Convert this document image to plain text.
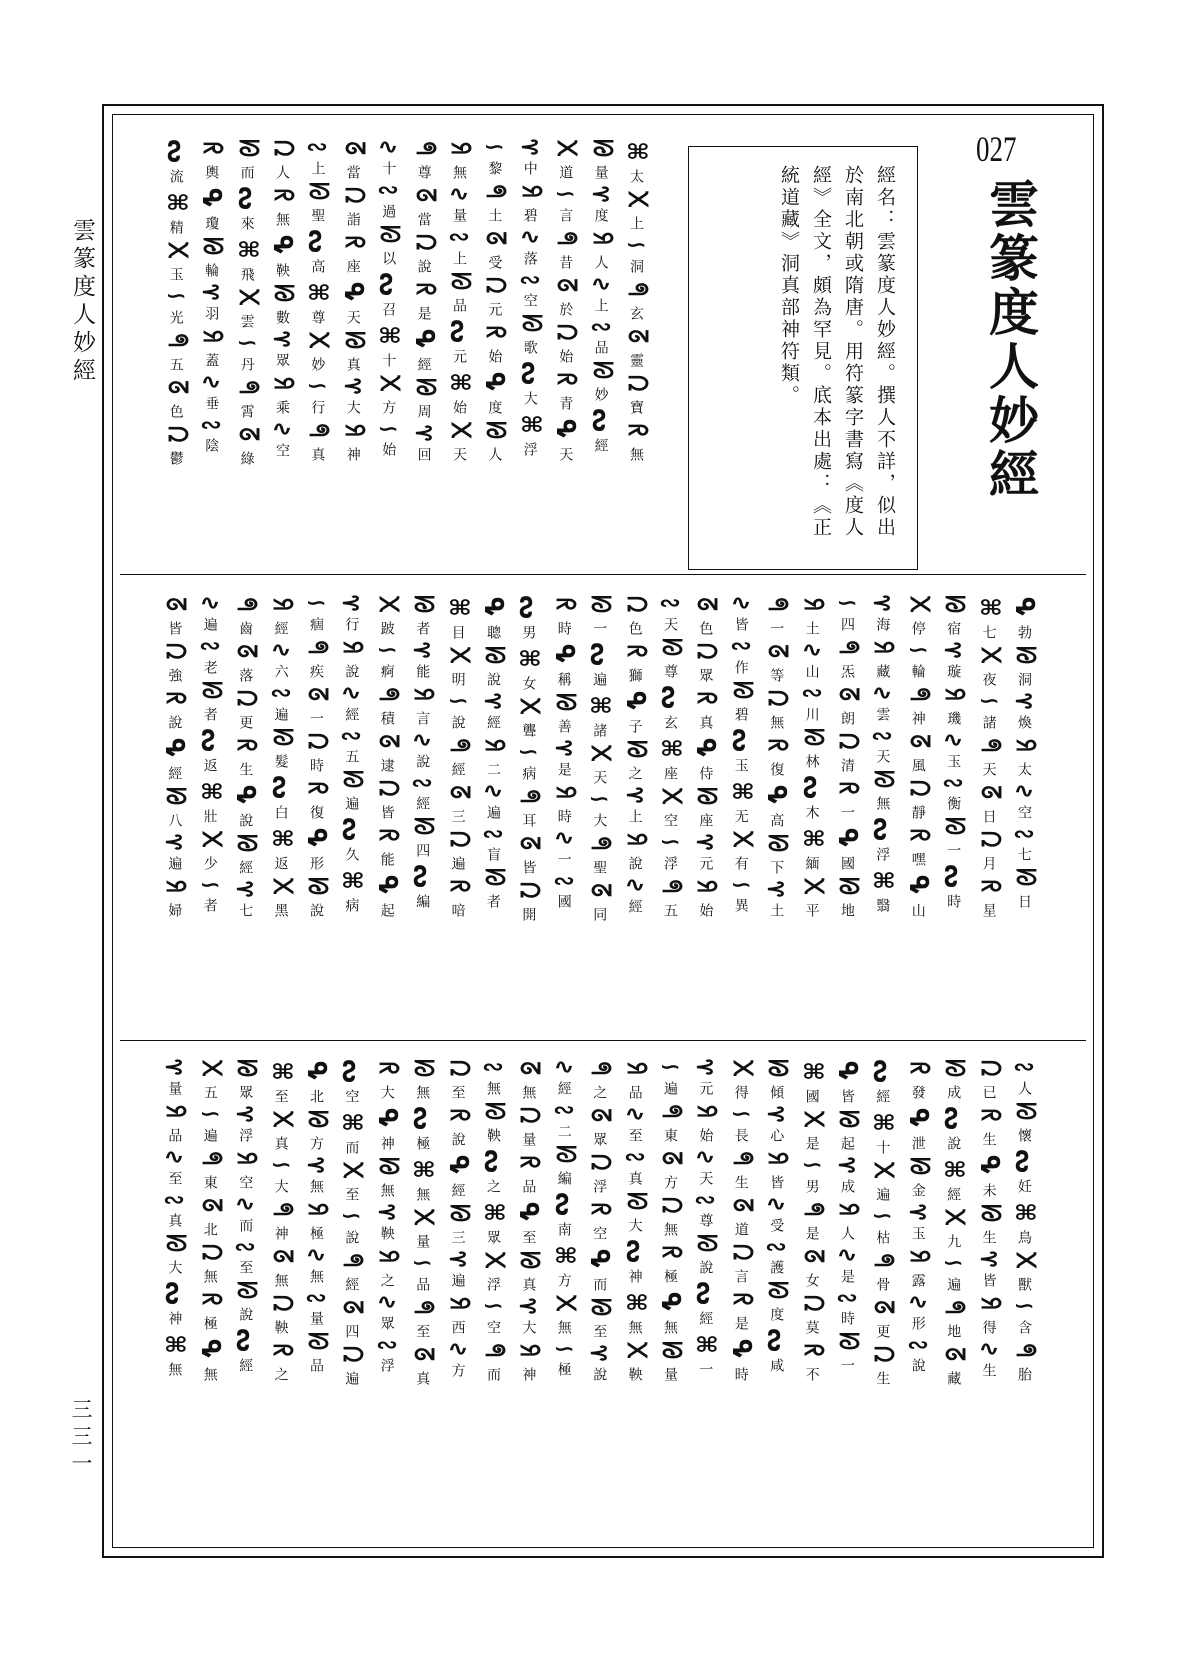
雲篆度人妙經
三三一
027
雲篆度人妙經
經名：雲篆度人妙經。撰人不詳，似出於南北朝或隋唐。用符篆字書寫《度人經》全文，頗為罕見。底本出處：《正統道藏》洞真部神符類。
⌘太᙭上∽洞ᖗ玄ᘔ靈ᘣ寶ᖇ無
ᘙ量⊱度ᖆ人∿上∾品ᘗ妙ᔓ經
᙭道∽言ᖗ昔ᘔ於ᘣ始ᖇ青ᕴ天
⊱中ᖆ碧∿落∾空ᘗ歌ᔓ大⌘浮
∽黎ᖗ土ᘔ受ᘣ元ᖇ始ᕴ度ᘙ人
ᖆ無∿量∾上ᘗ品ᔓ元⌘始᙭天
ᖗ尊ᘔ當ᘣ說ᖇ是ᕴ經ᘙ周⊱回
∿十∾過ᘗ以ᔓ召⌘十᙭方∽始
ᘔ當ᘣ詣ᖇ座ᕴ天ᘙ真⊱大ᖆ神
∾上ᘗ聖ᔓ高⌘尊᙭妙∽行ᖗ真
ᘣ人ᖇ無ᕴ鞅ᘙ數⊱眾ᖆ乘∿空
ᘗ而ᔓ來⌘飛᙭雲∽丹ᖗ霄ᘔ綠
ᖇ輿ᕴ瓊ᘙ輪⊱羽ᖆ蓋∿垂∾陰
ᔓ流⌘精᙭玉∽光ᖗ五ᘔ色ᘣ鬱
ᕴ勃ᘙ洞⊱煥ᖆ太∿空∾七ᘗ日
⌘七᙭夜∽諸ᖗ天ᘔ日ᘣ月ᖇ星
ᘙ宿⊱璇ᖆ璣∿玉∾衡ᘗ一ᔓ時
᙭停∽輪ᖗ神ᘔ風ᘣ靜ᖇ嘿ᕴ山
⊱海ᖆ藏∿雲∾天ᘗ無ᔓ浮⌘翳
∽四ᖗ炁ᘔ朗ᘣ清ᖇ一ᕴ國ᘙ地
ᖆ土∿山∾川ᘗ林ᔓ木⌘緬᙭平
ᖗ一ᘔ等ᘣ無ᖇ復ᕴ高ᘙ下⊱土
∿皆∾作ᘗ碧ᔓ玉⌘无᙭有∽異
ᘔ色ᘣ眾ᖇ真ᕴ侍ᘙ座⊱元ᖆ始
∾天ᘗ尊ᔓ玄⌘座᙭空∽浮ᖗ五
ᘣ色ᖇ獅ᕴ子ᘙ之⊱上ᖆ說∿經
ᘗ一ᔓ遍⌘諸᙭天∽大ᖗ聖ᘔ同
ᖇ時ᕴ稱ᘙ善⊱是ᖆ時∿一∾國
ᔓ男⌘女᙭聾∽病ᖗ耳ᘔ皆ᘣ開
ᕴ聰ᘙ說⊱經ᖆ二∿遍∾盲ᘗ者
⌘目᙭明∽說ᖗ經ᘔ三ᘣ遍ᖇ喑
ᘙ者⊱能ᖆ言∿說∾經ᘗ四ᔓ編
᙭跛∽痾ᖗ積ᘔ逮ᘣ皆ᖇ能ᕴ起
⊱行ᖆ說∿經∾五ᘗ遍ᔓ久⌘病
∽痼ᖗ疾ᘔ一ᘣ時ᖇ復ᕴ形ᘙ說
ᖆ經∿六∾遍ᘗ髮ᔓ白⌘返᙭黑
ᖗ齒ᘔ落ᘣ更ᖇ生ᕴ說ᘙ經⊱七
∿遍∾老ᘗ者ᔓ返⌘壯᙭少∽者
ᘔ皆ᘣ強ᖇ說ᕴ經ᘙ八⊱遍ᖆ婦
∾人ᘗ懷ᔓ妊⌘鳥᙭獸∽含ᖗ胎
ᘣ已ᖇ生ᕴ未ᘙ生⊱皆ᖆ得∿生
ᘗ成ᔓ說⌘經᙭九∽遍ᖗ地ᘔ藏
ᖇ發ᕴ泄ᘙ金⊱玉ᖆ露∿形∾說
ᔓ經⌘十᙭遍∽枯ᖗ骨ᘔ更ᘣ生
ᕴ皆ᘙ起⊱成ᖆ人∿是∾時ᘗ一
⌘國᙭是∽男ᖗ是ᘔ女ᘣ莫ᖇ不
ᘙ傾⊱心ᖆ皆∿受∾護ᘗ度ᔓ咸
᙭得∽長ᖗ生ᘔ道ᘣ言ᖇ是ᕴ時
⊱元ᖆ始∿天∾尊ᘗ說ᔓ經⌘一
∽遍ᖗ東ᘔ方ᘣ無ᖇ極ᕴ無ᘙ量
ᖆ品∿至∾真ᘗ大ᔓ神⌘無᙭鞅
ᖗ之ᘔ眾ᘣ浮ᖇ空ᕴ而ᘙ至⊱說
∿經∾二ᘗ編ᔓ南⌘方᙭無∽極
ᘔ無ᘣ量ᖇ品ᕴ至ᘙ真⊱大ᖆ神
∾無ᘗ鞅ᔓ之⌘眾᙭浮∽空ᖗ而
ᘣ至ᖇ說ᕴ經ᘙ三⊱遍ᖆ西∿方
ᘗ無ᔓ極⌘無᙭量∽品ᖗ至ᘔ真
ᖇ大ᕴ神ᘙ無⊱鞅ᖆ之∿眾∾浮
ᔓ空⌘而᙭至∽說ᖗ經ᘔ四ᘣ遍
ᕴ北ᘙ方⊱無ᖆ極∿無∾量ᘗ品
⌘至᙭真∽大ᖗ神ᘔ無ᘣ鞅ᖇ之
ᘙ眾⊱浮ᖆ空∿而∾至ᘗ說ᔓ經
᙭五∽遍ᖗ東ᘔ北ᘣ無ᖇ極ᕴ無
⊱量ᖆ品∿至∾真ᘗ大ᔓ神⌘無
